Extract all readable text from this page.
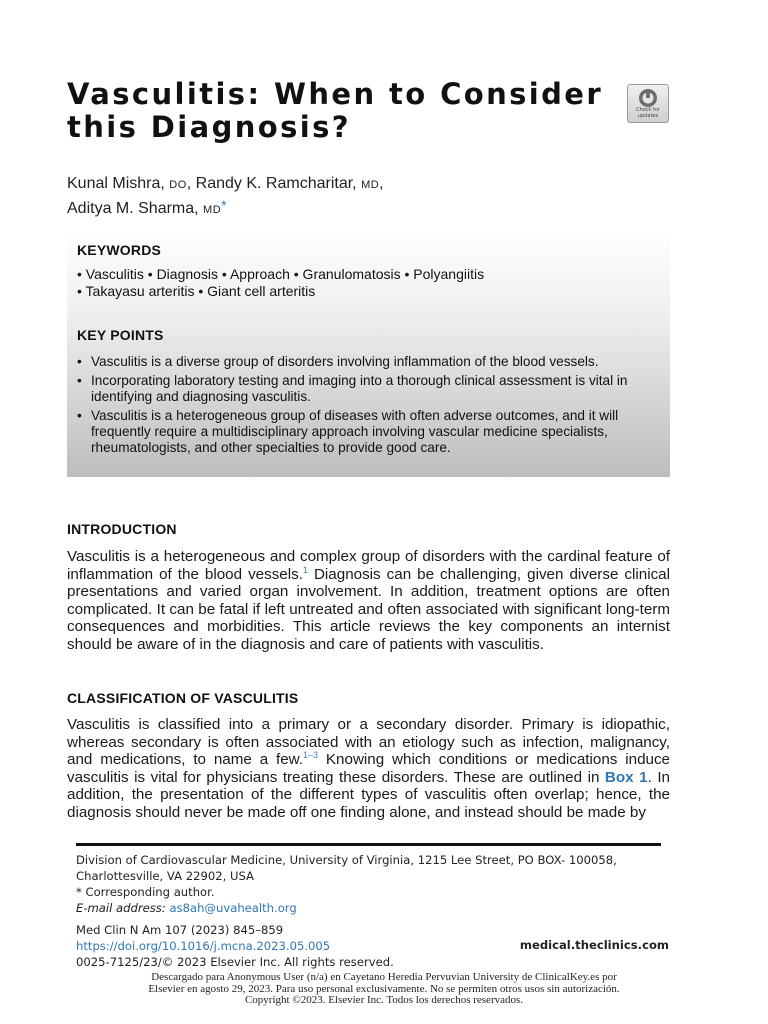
Vasculitis: When to Consider
this Diagnosis?	Check for
updates
Kunal Mishra, DO, Randy K. Ramcharitar, MD,
Aditya M. Sharma, MD*
KEYWORDS
• Vasculitis • Diagnosis • Approach • Granulomatosis • Polyangiitis
• Takayasu arteritis • Giant cell arteritis
KEY POINTS
• Vasculitis is a diverse group of disorders involving inflammation of the blood vessels.
• Incorporating laboratory testing and imaging into a thorough clinical assessment is vital in identifying and diagnosing vasculitis.
• Vasculitis is a heterogeneous group of diseases with often adverse outcomes, and it will frequently require a multidisciplinary approach involving vascular medicine specialists, rheumatologists, and other specialties to provide good care.
INTRODUCTION

Vasculitis is a heterogeneous and complex group of disorders with the cardinal feature of inflammation of the blood vessels.$^1$ Diagnosis can be challenging, given diverse clinical presentations and varied organ involvement. In addition, treatment options are often complicated. It can be fatal if left untreated and often associated with significant long-term consequences and morbidities. This article reviews the key components an internist should be aware of in the diagnosis and care of patients with vasculitis.

CLASSIFICATION OF VASCULITIS

Vasculitis is classified into a primary or a secondary disorder. Primary is idiopathic, whereas secondary is often associated with an etiology such as infection, malignancy, and medications, to name a few.$^{1-3}$ Knowing which conditions or medications induce vasculitis is vital for physicians treating these disorders. These are outlined in Box 1. In addition, the presentation of the different types of vasculitis often overlap; hence, the diagnosis should never be made off one finding alone, and instead should be made by

Division of Cardiovascular Medicine, University of Virginia, 1215 Lee Street, PO BOX- 100058,
Charlottesville, VA 22902, USA
* Corresponding author.
E-mail address: as8ah@uvahealth.org
Med Clin N Am 107 (2023) 845–859
https://doi.org/10.1016/j.mcna.2023.05.005
0025-7125/23/© 2023 Elsevier Inc. All rights reserved.
medical.theclinics.com
Descargado para Anonymous User (n/a) en Cayetano Heredia Pervuvian University de ClinicalKey.es por Elsevier en agosto 29, 2023. Para uso personal exclusivamente. No se permiten otros usos sin autorización. Copyright ©2023. Elsevier Inc. Todos los derechos reservados.
